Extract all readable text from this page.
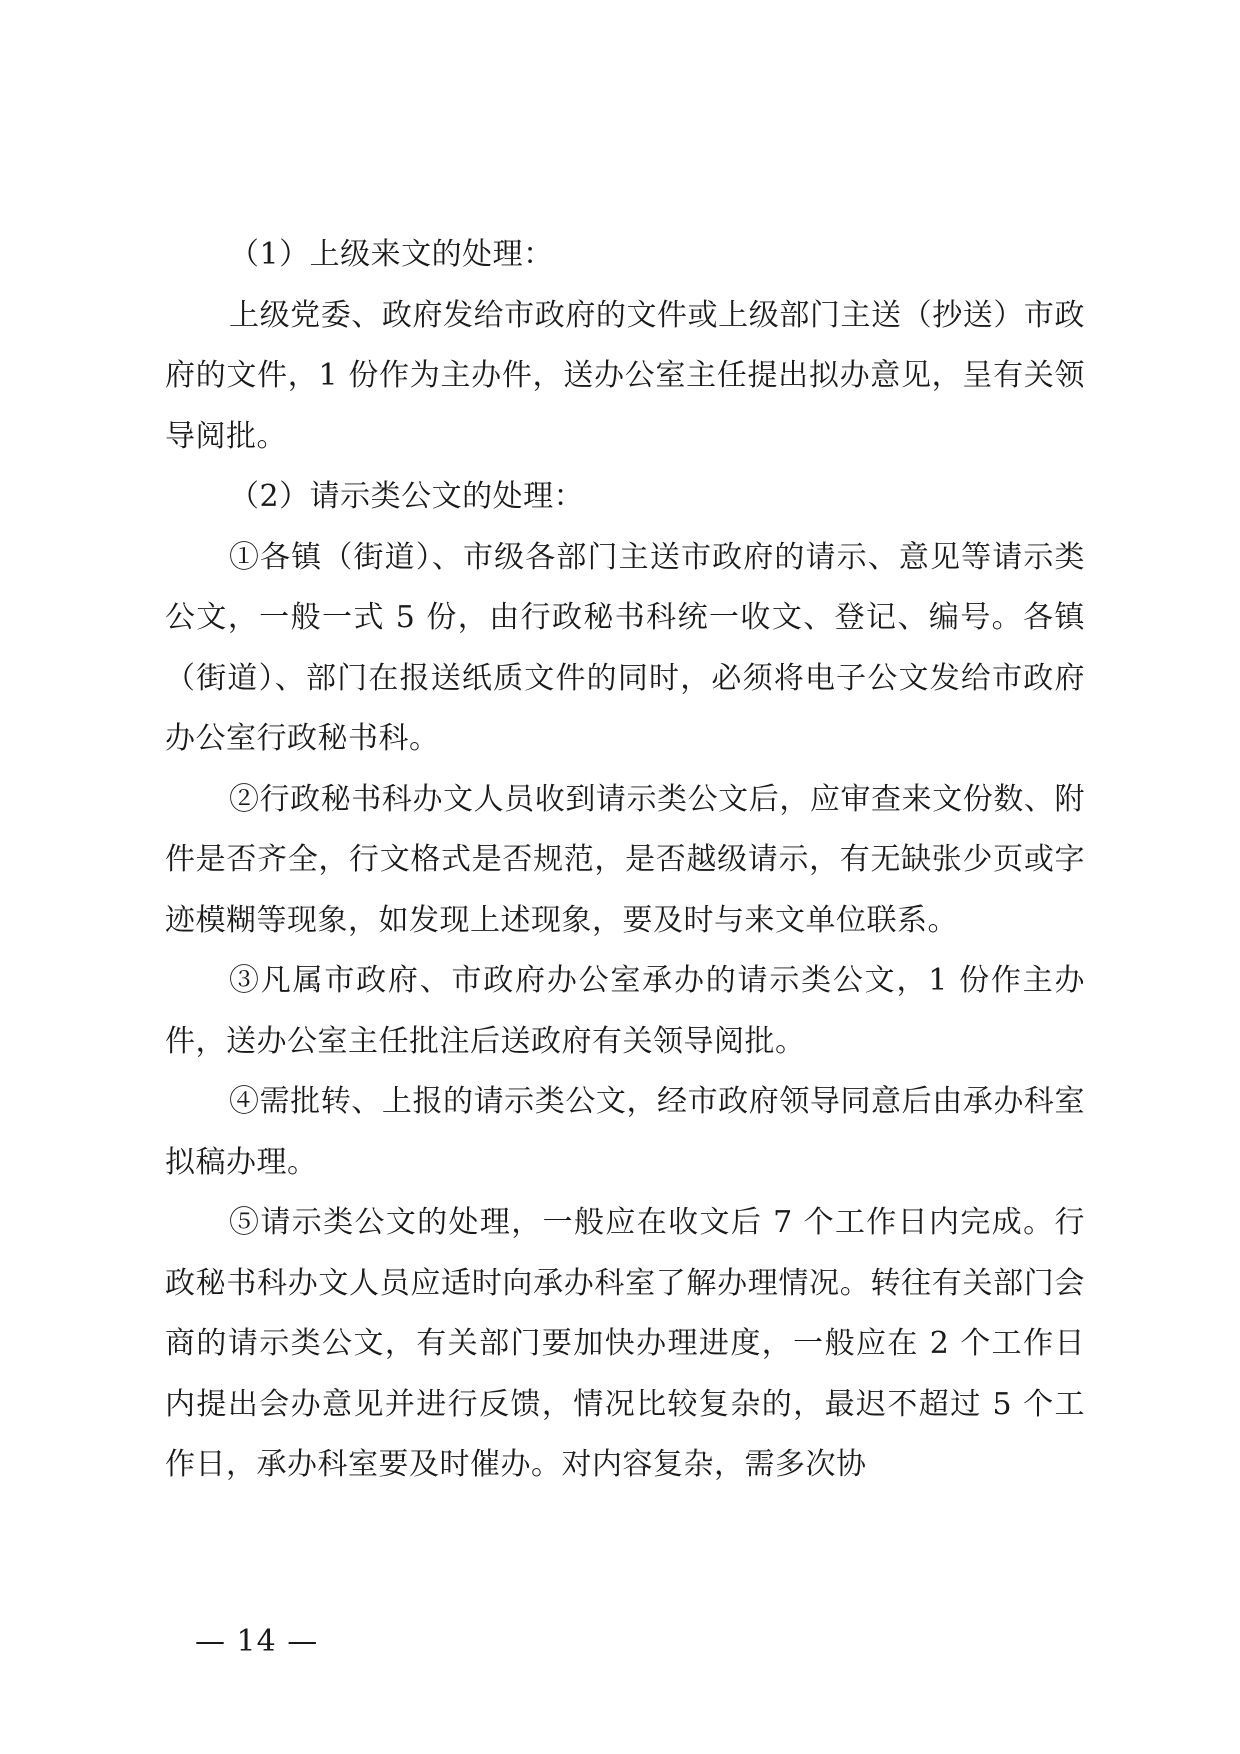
（1）上级来文的处理：

上级党委、政府发给市政府的文件或上级部门主送（抄送）市政府的文件，1 份作为主办件，送办公室主任提出拟办意见，呈有关领导阅批。

（2）请示类公文的处理：

①各镇（街道）、市级各部门主送市政府的请示、意见等请示类公文，一般一式 5 份，由行政秘书科统一收文、登记、编号。各镇（街道）、部门在报送纸质文件的同时，必须将电子公文发给市政府办公室行政秘书科。

②行政秘书科办文人员收到请示类公文后，应审查来文份数、附件是否齐全，行文格式是否规范，是否越级请示，有无缺张少页或字迹模糊等现象，如发现上述现象，要及时与来文单位联系。

③凡属市政府、市政府办公室承办的请示类公文，1 份作主办件，送办公室主任批注后送政府有关领导阅批。

④需批转、上报的请示类公文，经市政府领导同意后由承办科室拟稿办理。

⑤请示类公文的处理，一般应在收文后 7 个工作日内完成。行政秘书科办文人员应适时向承办科室了解办理情况。转往有关部门会商的请示类公文，有关部门要加快办理进度，一般应在 2 个工作日内提出会办意见并进行反馈，情况比较复杂的，最迟不超过 5 个工作日，承办科室要及时催办。对内容复杂，需多次协

— 14 —
